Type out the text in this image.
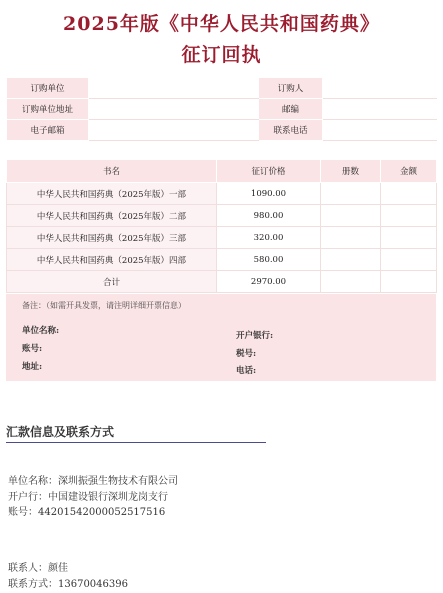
2025年版《中华人民共和国药典》
征订回执
订购单位		订购人	
订购单位地址		邮编	
电子邮箱		联系电话	
书名	征订价格	册数	金额
中华人民共和国药典（2025年版）一部	1090.00		
中华人民共和国药典（2025年版）二部	980.00		
中华人民共和国药典（2025年版）三部	320.00		
中华人民共和国药典（2025年版）四部	580.00		
合计	2970.00		
备注：（如需开具发票，请注明详细开票信息）
单位名称:
账号:
地址:
开户银行:
税号:
电话:
汇款信息及联系方式
单位名称：深圳振强生物技术有限公司
开户行：中国建设银行深圳龙岗支行
账号：44201542000052517516
联系人：颜佳
联系方式：13670046396
